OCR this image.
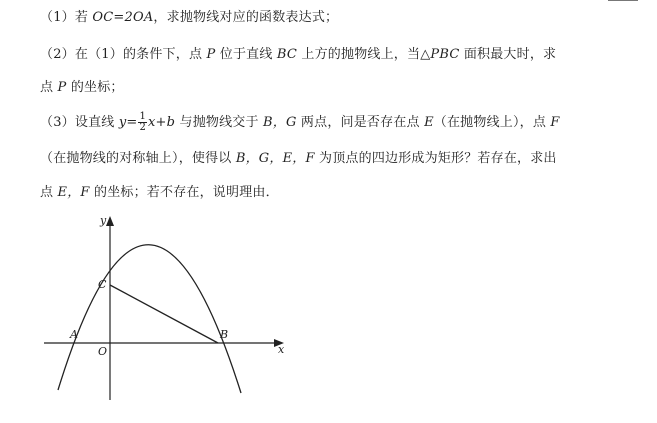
（1）若 OC=2OA，求抛物线对应的函数表达式；
（2）在（1）的条件下，点 P 位于直线 BC 上方的抛物线上，当△PBC 面积最大时，求
点 P 的坐标；
（3）设直线 $y= \frac{1}{2} x+b$ 与抛物线交于 B，G 两点，问是否存在点 E（在抛物线上），点 F
（在抛物线的对称轴上），使得以 B，G，E，F 为顶点的四边形成为矩形？若存在，求出
点 E，F 的坐标；若不存在，说明理由．
y
x
O
A	B
C
